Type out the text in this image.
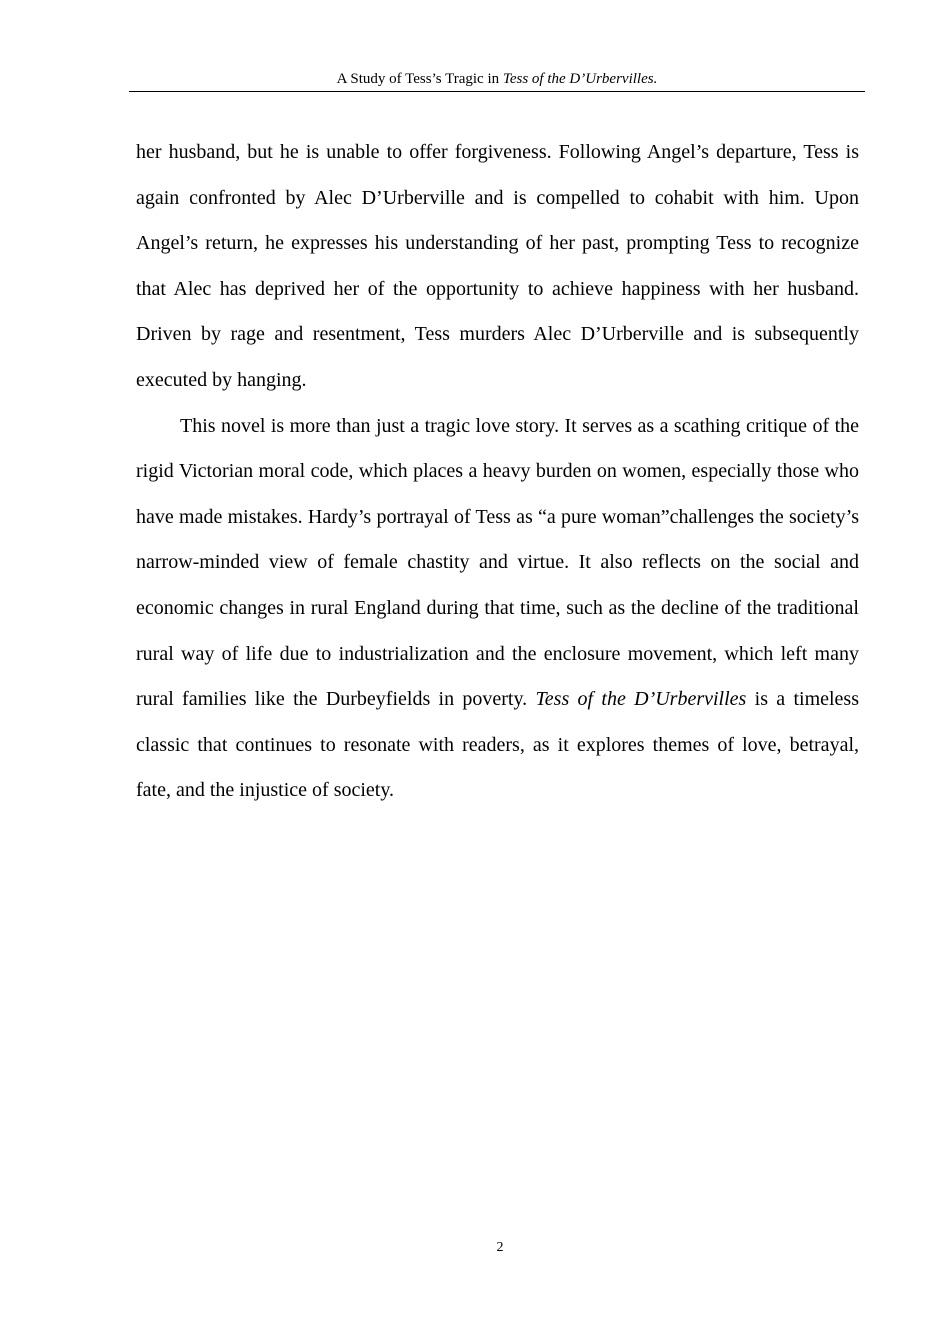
A Study of Tess’s Tragic in Tess of the D’Urbervilles.

her husband, but he is unable to offer forgiveness. Following Angel’s departure, Tess is again confronted by Alec D’Urberville and is compelled to cohabit with him. Upon Angel’s return, he expresses his understanding of her past, prompting Tess to recognize that Alec has deprived her of the opportunity to achieve happiness with her husband. Driven by rage and resentment, Tess murders Alec D’Urberville and is subsequently executed by hanging.

This novel is more than just a tragic love story. It serves as a scathing critique of the rigid Victorian moral code, which places a heavy burden on women, especially those who have made mistakes. Hardy’s portrayal of Tess as “a pure woman”challenges the society’s narrow-minded view of female chastity and virtue. It also reflects on the social and economic changes in rural England during that time, such as the decline of the traditional rural way of life due to industrialization and the enclosure movement, which left many rural families like the Durbeyfields in poverty. Tess of the D’Urbervilles is a timeless classic that continues to resonate with readers, as it explores themes of love, betrayal, fate, and the injustice of society.

2
